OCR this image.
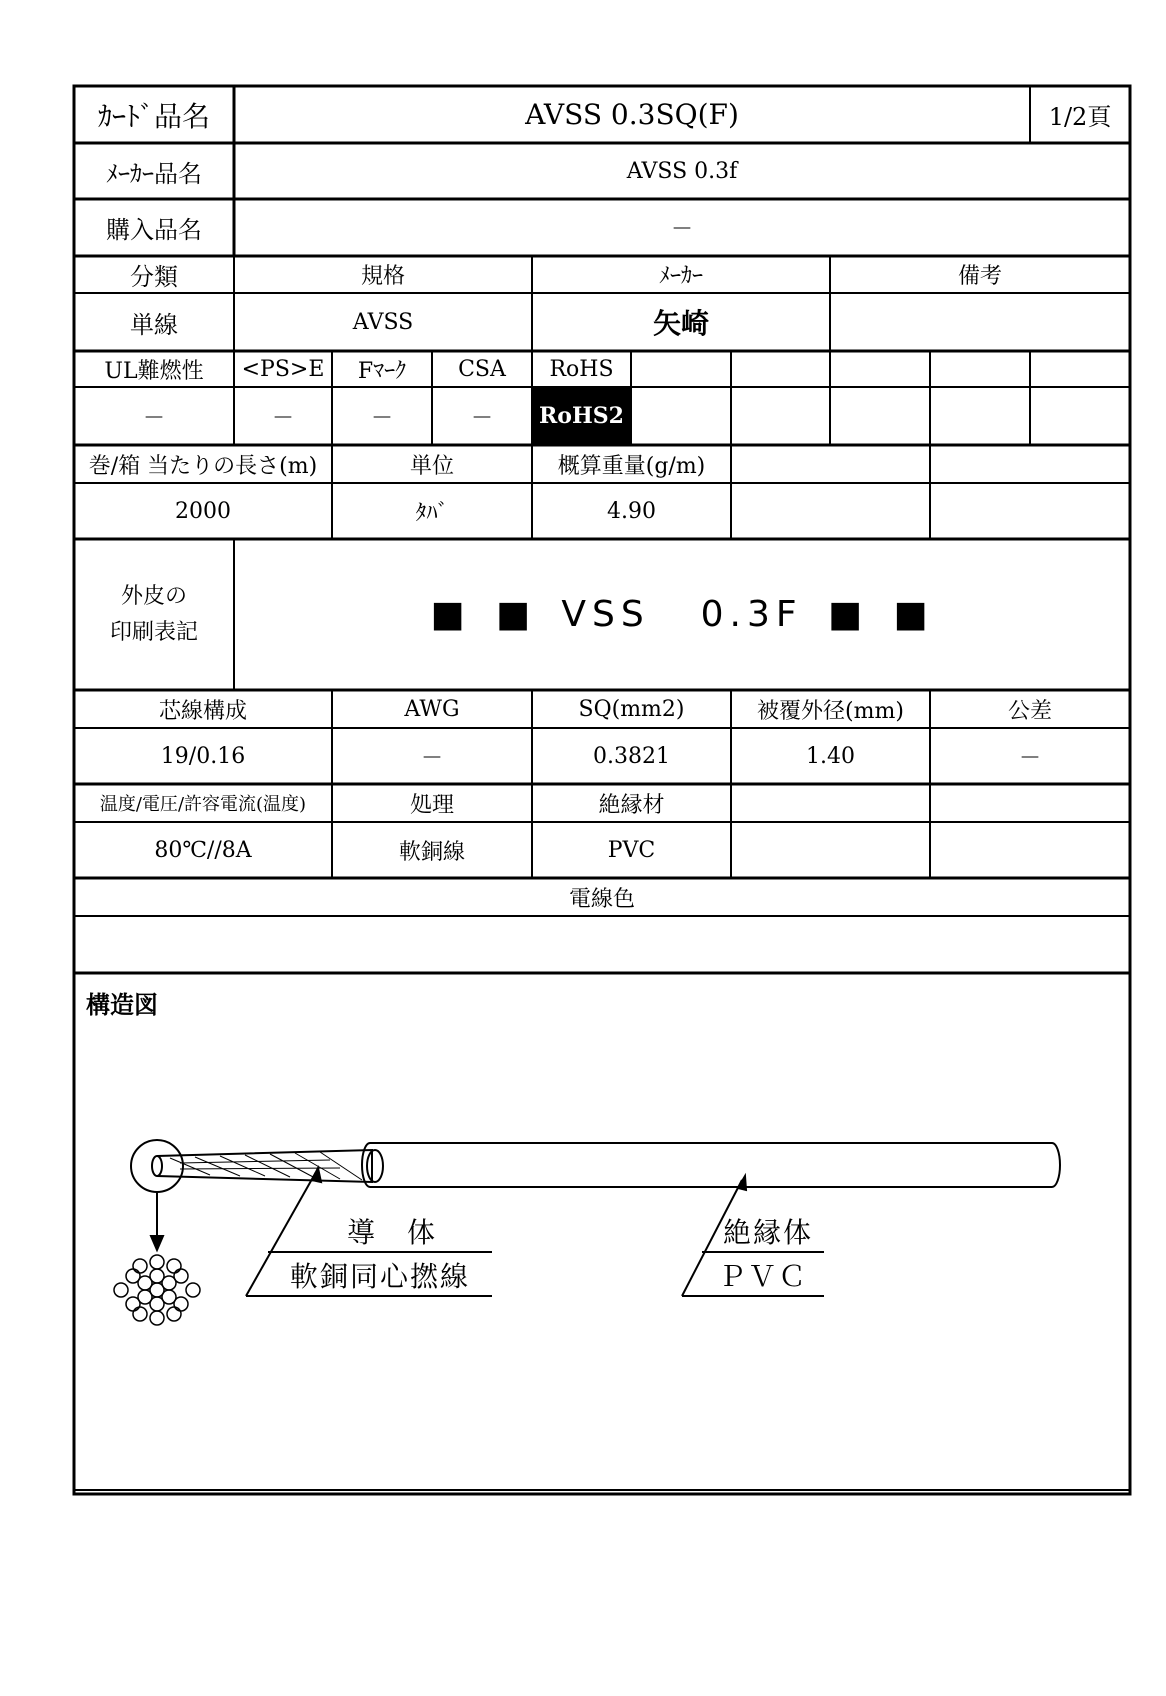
ｶｰﾄﾞ品名	AVSS 0.3SQ(F)	1/2頁
ﾒｰｶｰ品名	AVSS 0.3f
購入品名	－
分類	規格	ﾒｰｶｰ	備考
単線	AVSS	矢崎
UL難燃性	<PS>E	Fﾏｰｸ	CSA	RoHS
－	－	－	－	RoHS2
巻/箱 当たりの長さ(m)	単位	概算重量(g/m)
2000	ﾀﾊﾞ	4.90
外皮の
印刷表記	■ ■ VSS  0.3F ■ ■
芯線構成	AWG	SQ(mm2)	被覆外径(mm)	公差
19/0.16	－	0.3821	1.40	－
温度/電圧/許容電流(温度)	処理	絶縁材
80℃//8A	軟銅線	PVC
電線色
構造図
導　体
軟銅同心撚線
絶縁体
ＰＶＣ
